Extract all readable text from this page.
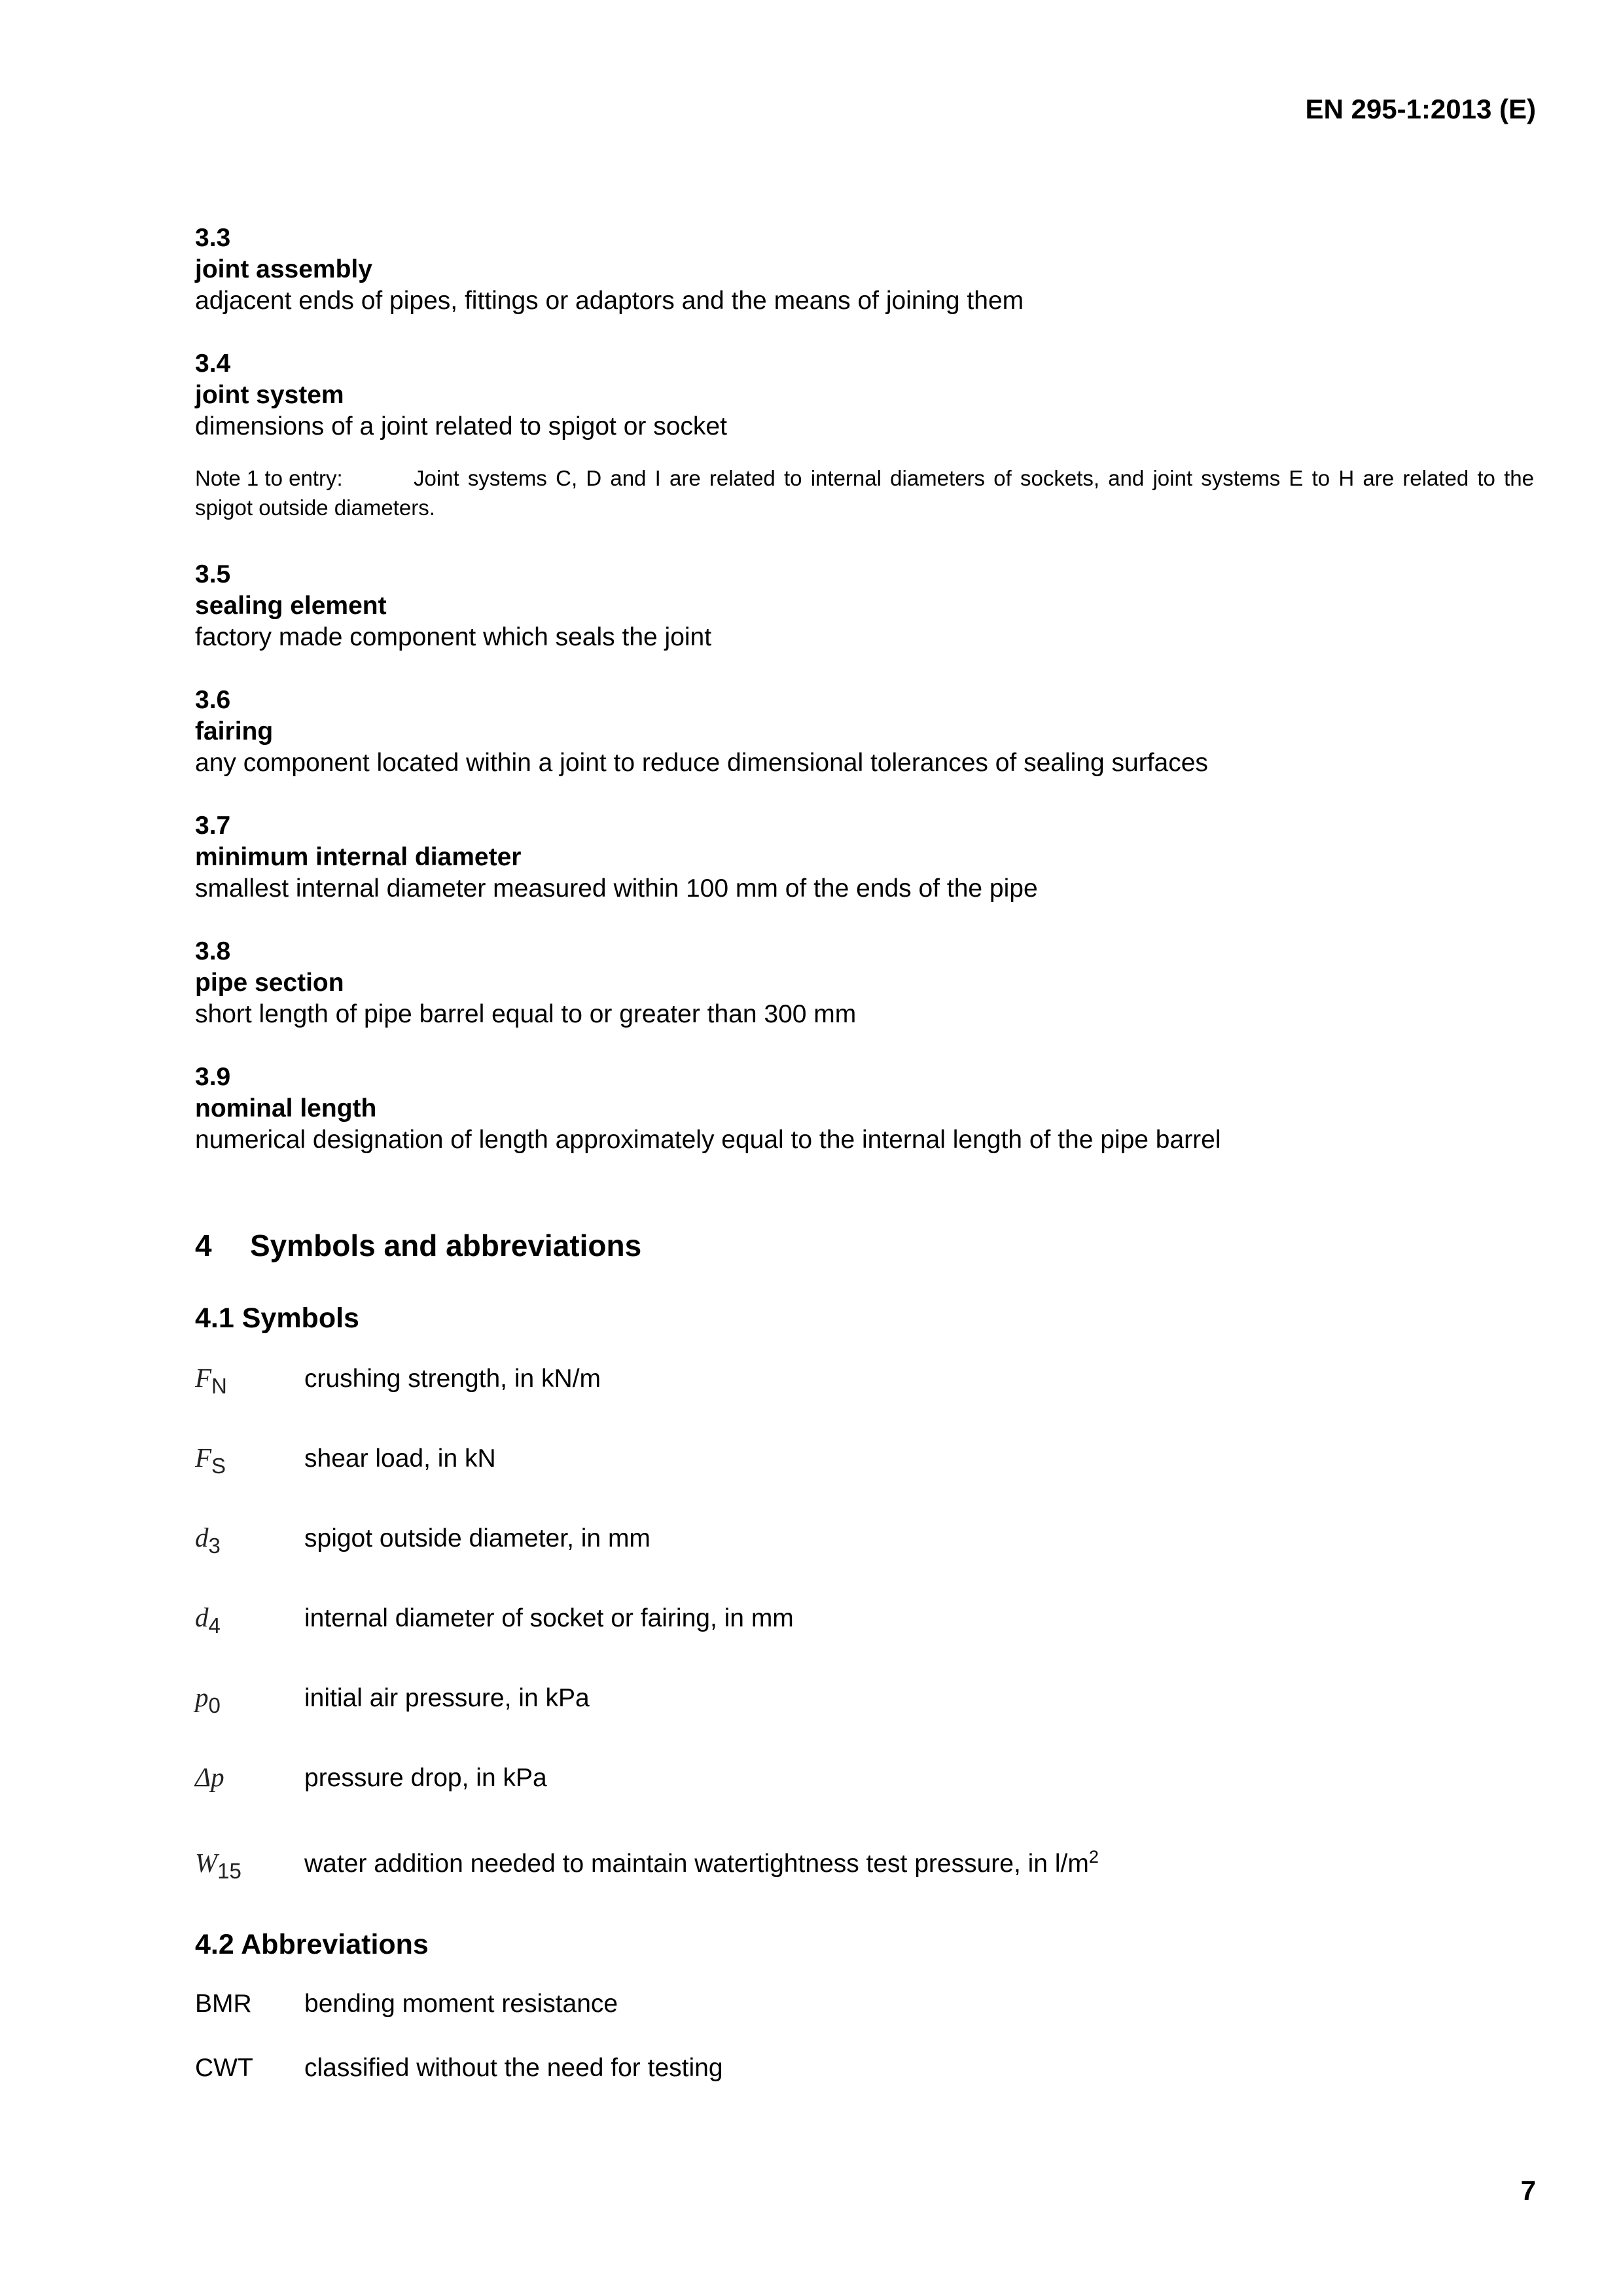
EN 295-1:2013 (E)
3.3
joint assembly
adjacent ends of pipes, fittings or adaptors and the means of joining them
3.4
joint system
dimensions of a joint related to spigot or socket
Note 1 to entry:	Joint systems C, D and I are related to internal diameters of sockets, and joint systems E to H are related to the spigot outside diameters.
3.5
sealing element
factory made component which seals the joint
3.6
fairing
any component located within a joint to reduce dimensional tolerances of sealing surfaces
3.7
minimum internal diameter
smallest internal diameter measured within 100 mm of the ends of the pipe
3.8
pipe section
short length of pipe barrel equal to or greater than 300 mm
3.9
nominal length
numerical designation of length approximately equal to the internal length of the pipe barrel
4 Symbols and abbreviations
4.1 Symbols
$F_N$	crushing strength, in kN/m
$F_S$	shear load, in kN
$d_3$	spigot outside diameter, in mm
$d_4$	internal diameter of socket or fairing, in mm
$p_0$	initial air pressure, in kPa
Δp	pressure drop, in kPa
$W_{15}$	water addition needed to maintain watertightness test pressure, in $l/m^2$
4.2 Abbreviations
BMR	bending moment resistance
CWT	classified without the need for testing
7
